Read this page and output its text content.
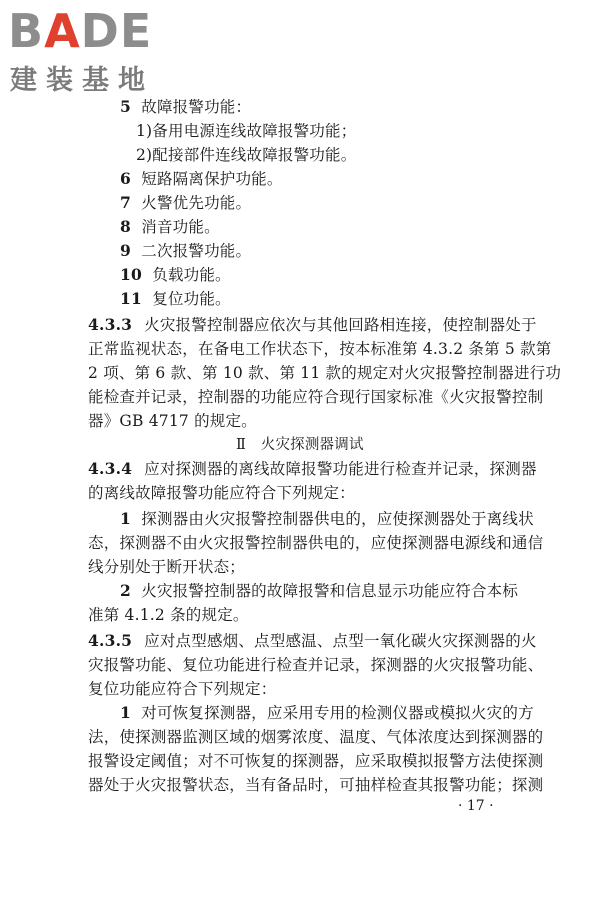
BADE
建装基地
5 故障报警功能：
1)备用电源连线故障报警功能；
2)配接部件连线故障报警功能。
6 短路隔离保护功能。
7 火警优先功能。
8 消音功能。
9 二次报警功能。
10 负载功能。
11 复位功能。
4.3.3 火灾报警控制器应依次与其他回路相连接，使控制器处于
正常监视状态，在备电工作状态下，按本标准第 4.3.2 条第 5 款第
2 项、第 6 款、第 10 款、第 11 款的规定对火灾报警控制器进行功
能检查并记录，控制器的功能应符合现行国家标准《火灾报警控制
器》GB 4717 的规定。
Ⅱ　火灾探测器调试
4.3.4 应对探测器的离线故障报警功能进行检查并记录，探测器
的离线故障报警功能应符合下列规定：
1 探测器由火灾报警控制器供电的，应使探测器处于离线状
态，探测器不由火灾报警控制器供电的，应使探测器电源线和通信
线分别处于断开状态；
2 火灾报警控制器的故障报警和信息显示功能应符合本标
准第 4.1.2 条的规定。
4.3.5 应对点型感烟、点型感温、点型一氧化碳火灾探测器的火
灾报警功能、复位功能进行检查并记录，探测器的火灾报警功能、
复位功能应符合下列规定：
1 对可恢复探测器，应采用专用的检测仪器或模拟火灾的方
法，使探测器监测区域的烟雾浓度、温度、气体浓度达到探测器的
报警设定阈值；对不可恢复的探测器，应采取模拟报警方法使探测
器处于火灾报警状态，当有备品时，可抽样检查其报警功能；探测
· 17 ·
